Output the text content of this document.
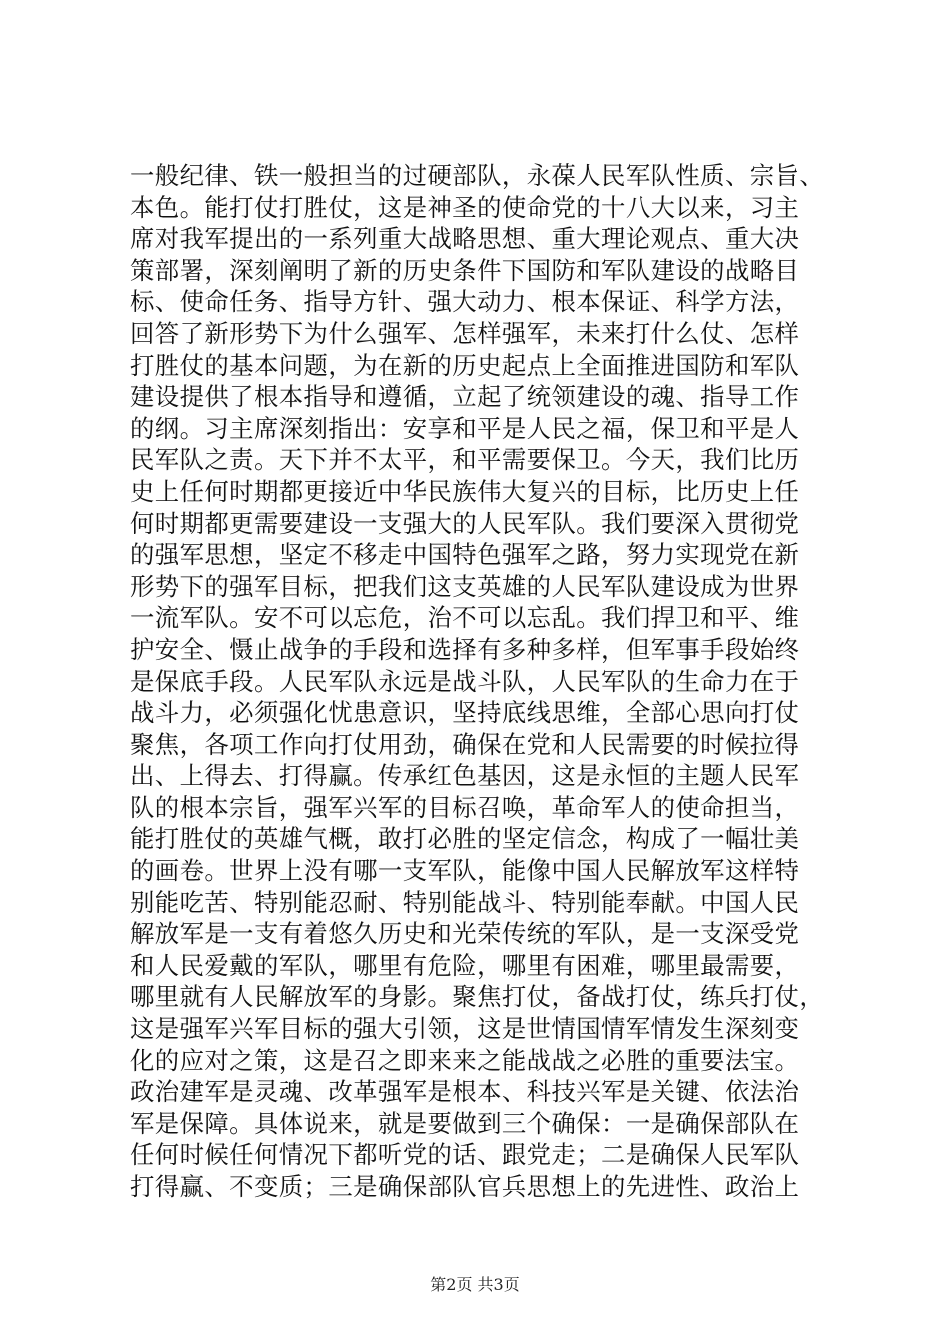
一般纪律、铁一般担当的过硬部队，永葆人民军队性质、宗旨、
本色。能打仗打胜仗，这是神圣的使命党的十八大以来，习主
席对我军提出的一系列重大战略思想、重大理论观点、重大决
策部署，深刻阐明了新的历史条件下国防和军队建设的战略目
标、使命任务、指导方针、强大动力、根本保证、科学方法，
回答了新形势下为什么强军、怎样强军，未来打什么仗、怎样
打胜仗的基本问题，为在新的历史起点上全面推进国防和军队
建设提供了根本指导和遵循，立起了统领建设的魂、指导工作
的纲。习主席深刻指出：安享和平是人民之福，保卫和平是人
民军队之责。天下并不太平，和平需要保卫。今天，我们比历
史上任何时期都更接近中华民族伟大复兴的目标，比历史上任
何时期都更需要建设一支强大的人民军队。我们要深入贯彻党
的强军思想，坚定不移走中国特色强军之路，努力实现党在新
形势下的强军目标，把我们这支英雄的人民军队建设成为世界
一流军队。安不可以忘危，治不可以忘乱。我们捍卫和平、维
护安全、慑止战争的手段和选择有多种多样，但军事手段始终
是保底手段。人民军队永远是战斗队，人民军队的生命力在于
战斗力，必须强化忧患意识，坚持底线思维，全部心思向打仗
聚焦，各项工作向打仗用劲，确保在党和人民需要的时候拉得
出、上得去、打得赢。传承红色基因，这是永恒的主题人民军
队的根本宗旨，强军兴军的目标召唤，革命军人的使命担当，
能打胜仗的英雄气概，敢打必胜的坚定信念，构成了一幅壮美
的画卷。世界上没有哪一支军队，能像中国人民解放军这样特
别能吃苦、特别能忍耐、特别能战斗、特别能奉献。中国人民
解放军是一支有着悠久历史和光荣传统的军队，是一支深受党
和人民爱戴的军队，哪里有危险，哪里有困难，哪里最需要，
哪里就有人民解放军的身影。聚焦打仗，备战打仗，练兵打仗，
这是强军兴军目标的强大引领，这是世情国情军情发生深刻变
化的应对之策，这是召之即来来之能战战之必胜的重要法宝。
政治建军是灵魂、改革强军是根本、科技兴军是关键、依法治
军是保障。具体说来，就是要做到三个确保：一是确保部队在
任何时候任何情况下都听党的话、跟党走；二是确保人民军队
打得赢、不变质；三是确保部队官兵思想上的先进性、政治上
第2页 共3页
